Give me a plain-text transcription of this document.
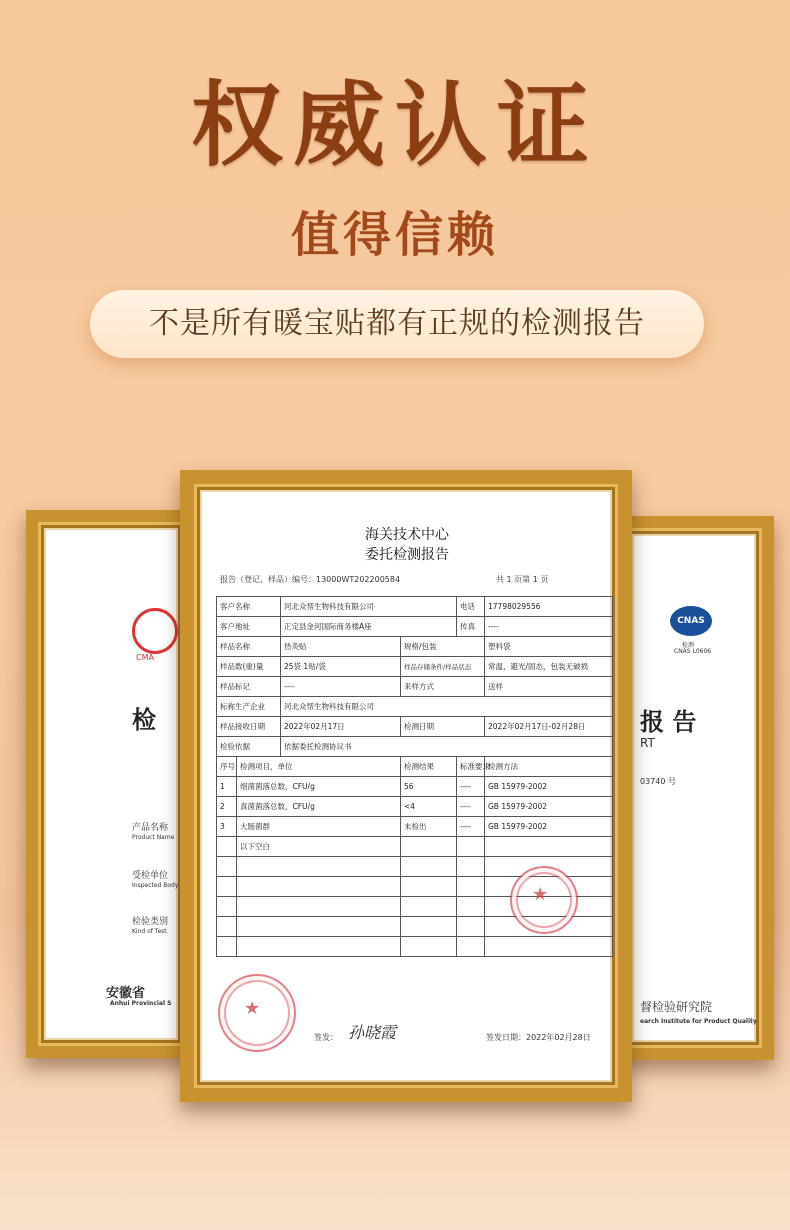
权威认证
值得信赖
不是所有暖宝贴都有正规的检测报告
CMA
检
产品名称
Product Name
受检单位
Inspected Body
检验类别
Kind of Test
安徽省
Anhui Provincial S
CNAS
检测
CNAS L0606
报 告
RT
03740 号
督检验研究院
earch Institute for Product Quality
海关技术中心
委托检测报告
报告（登记、样品）编号：13000WT202200584	共 1 页第 1 页
客户名称		河北众帮生物科技有限公司		电话	17798029556
客户地址		正定县金河国际商务楼A座		传真	----
样品名称		热灸贴	规格/包装		塑料袋
样品数(重)量		25袋 1贴/袋	样品存储条件/样品状态		常温，避光/固态，包装无破损
样品标记		----	来样方式		送样
标称生产企业		河北众帮生物科技有限公司			
样品接收日期		2022年02月17日	检测日期		2022年02月17日-02月28日
检验依据		依据委托检测协议书			
序号	检测项目，单位		检测结果	标准要求	检测方法
1	细菌菌落总数，CFU/g		56	----	GB 15979-2002
2	真菌菌落总数，CFU/g		<4	----	GB 15979-2002
3	大肠菌群		未检出	----	GB 15979-2002
	以下空白				

★
★
签发： 孙晓霞	签发日期：2022年02月28日
